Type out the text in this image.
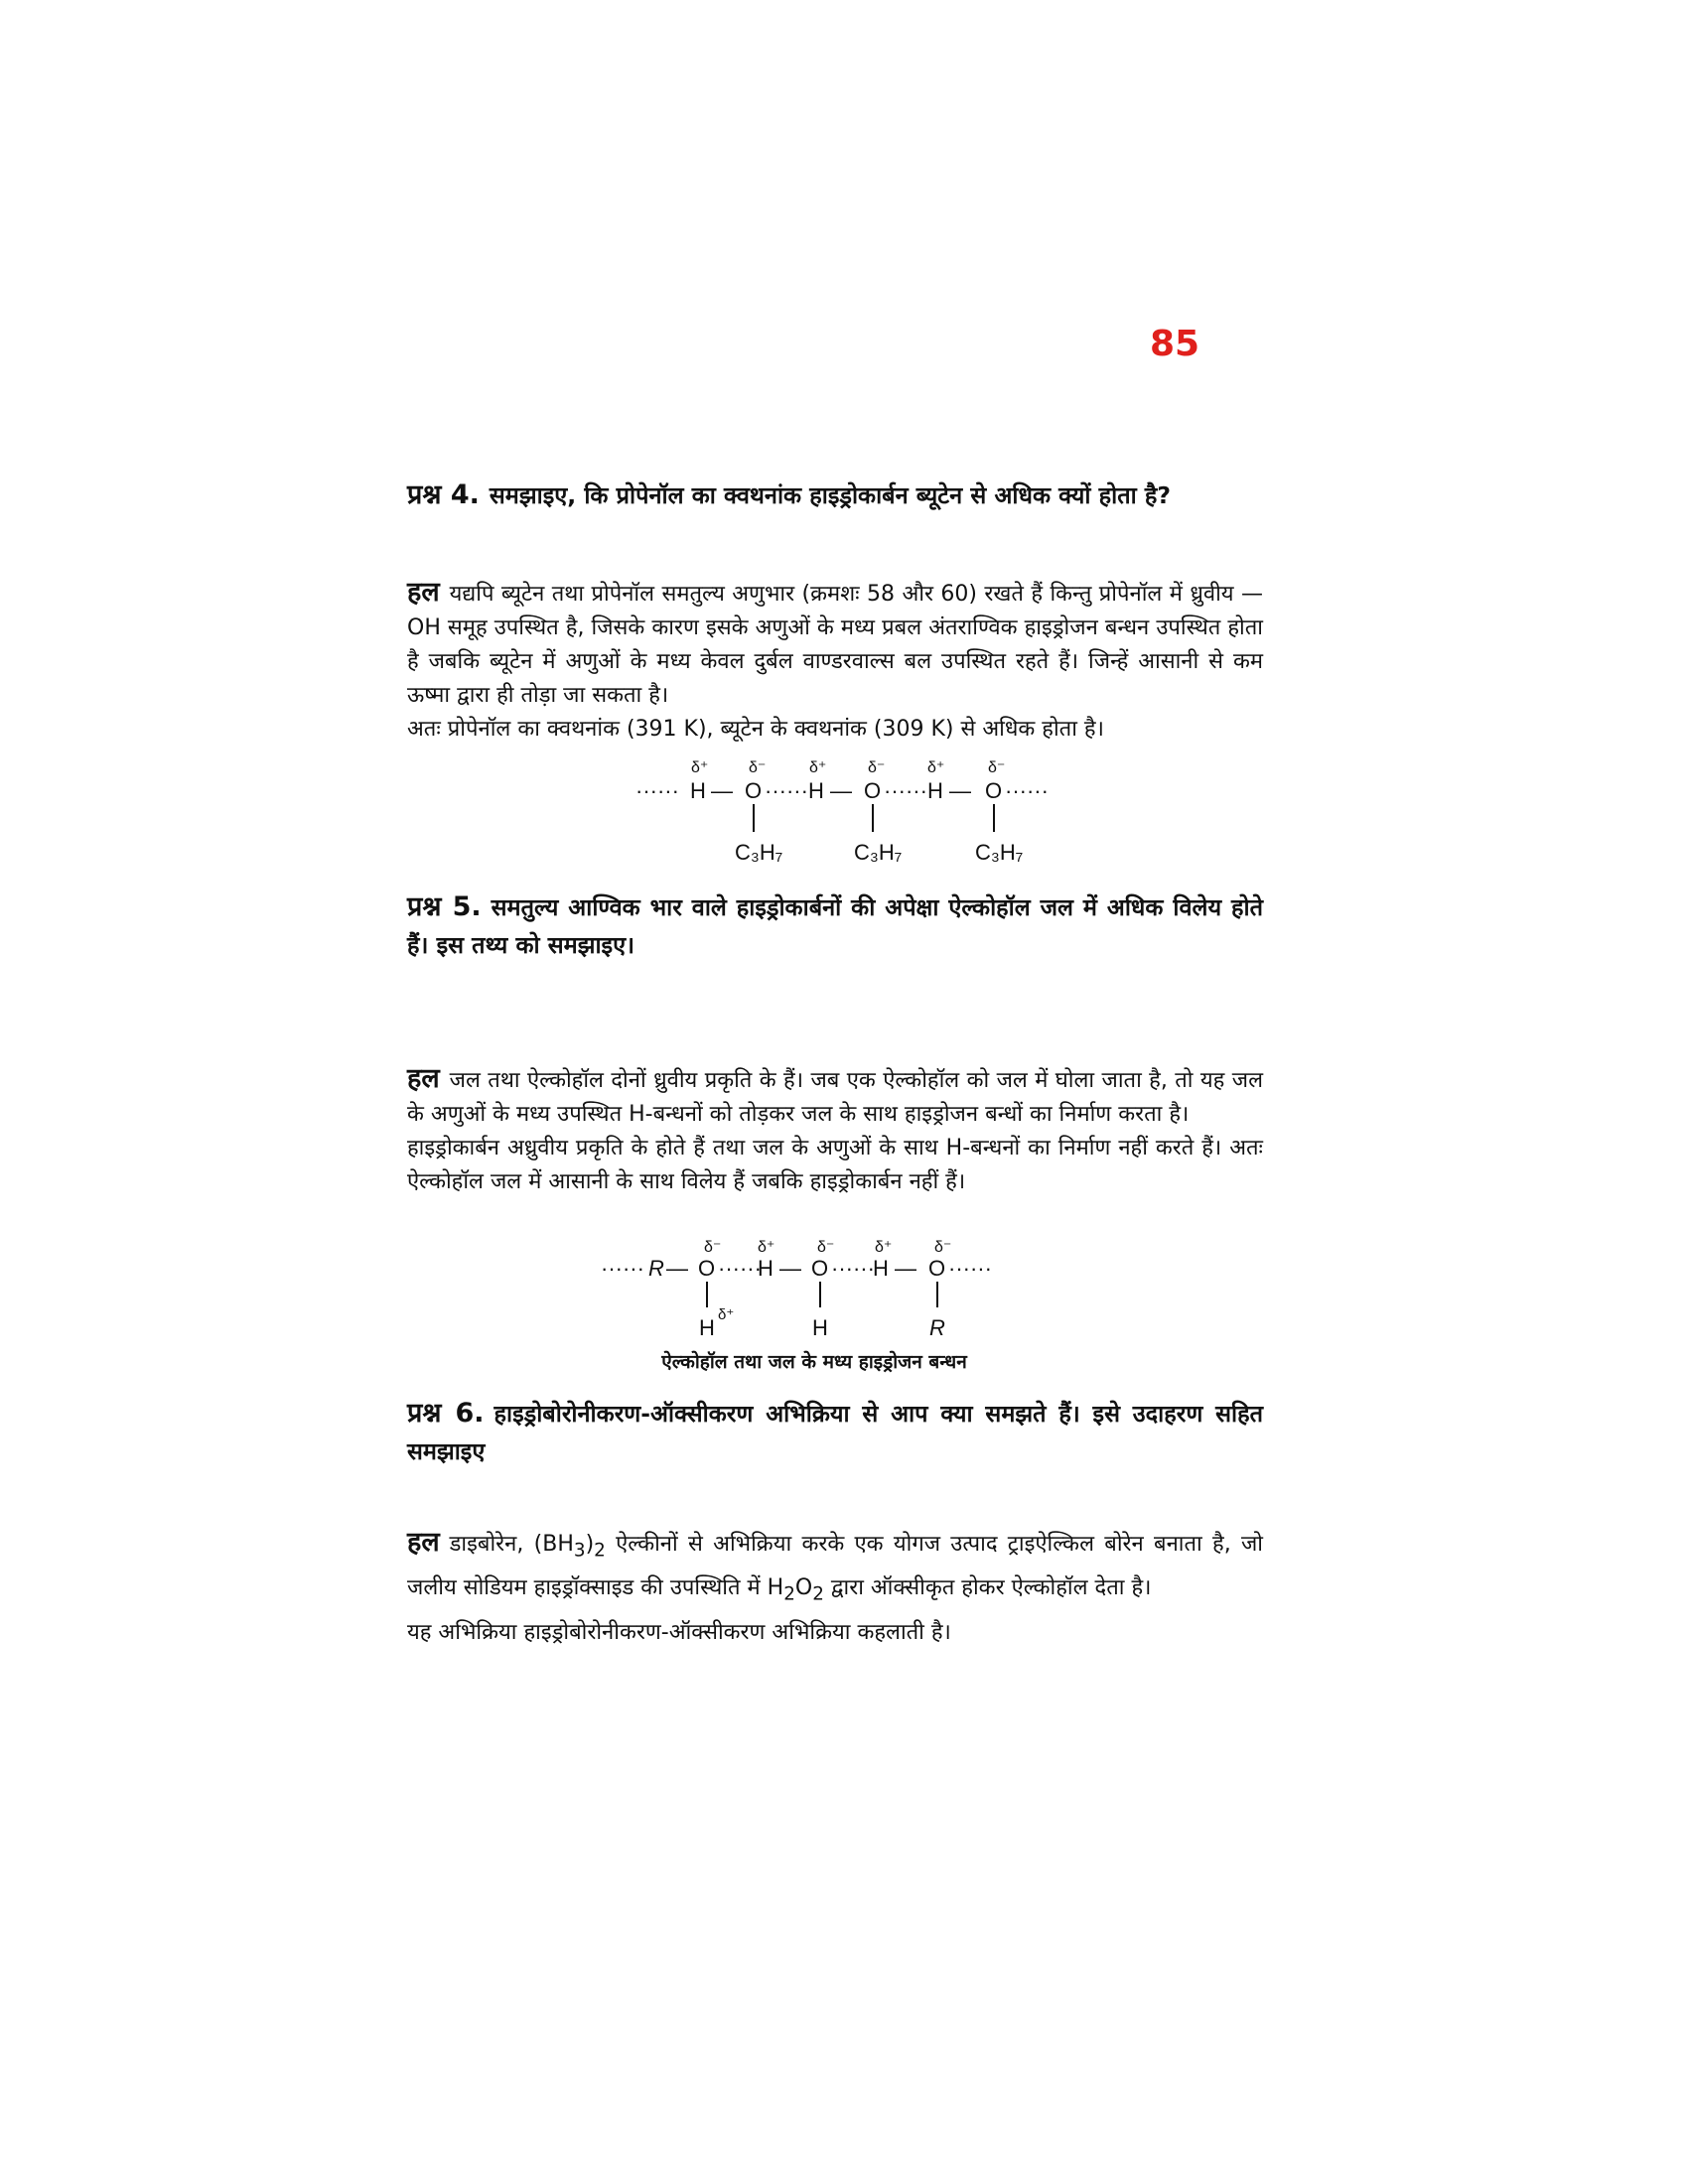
85
प्रश्न 4. समझाइए, कि प्रोपेनॉल का क्वथनांक हाइड्रोकार्बन ब्यूटेन से अधिक क्यों होता है?

हल यद्यपि ब्यूटेन तथा प्रोपेनॉल समतुल्य अणुभार (क्रमशः 58 और 60) रखते हैं किन्तु प्रोपेनॉल में ध्रुवीय —OH समूह उपस्थित है, जिसके कारण इसके अणुओं के मध्य प्रबल अंतराण्विक हाइड्रोजन बन्धन उपस्थित होता है जबकि ब्यूटेन में अणुओं के मध्य केवल दुर्बल वाण्डरवाल्स बल उपस्थित रहते हैं। जिन्हें आसानी से कम ऊष्मा द्वारा ही तोड़ा जा सकता है।

अतः प्रोपेनॉल का क्वथनांक (391 K), ब्यूटेन के क्वथनांक (309 K) से अधिक होता है।

δ⁺	δ⁻	δ⁺	δ⁻	δ⁺	δ⁻
······ H — O ······ H — O ······ H — O ······
C₃H₇	C₃H₇	C₃H₇
प्रश्न 5. समतुल्य आण्विक भार वाले हाइड्रोकार्बनों की अपेक्षा ऐल्कोहॉल जल में अधिक विलेय होते हैं। इस तथ्य को समझाइए।

हल जल तथा ऐल्कोहॉल दोनों ध्रुवीय प्रकृति के हैं। जब एक ऐल्कोहॉल को जल में घोला जाता है, तो यह जल के अणुओं के मध्य उपस्थित H-बन्धनों को तोड़कर जल के साथ हाइड्रोजन बन्धों का निर्माण करता है।

हाइड्रोकार्बन अध्रुवीय प्रकृति के होते हैं तथा जल के अणुओं के साथ H-बन्धनों का निर्माण नहीं करते हैं। अतः ऐल्कोहॉल जल में आसानी के साथ विलेय हैं जबकि हाइड्रोकार्बन नहीं हैं।

δ⁻ δ⁺	δ⁻	δ⁺	δ⁻
······ R — O ······
H — O ······
H — O ······
δ⁺
H	H	R
ऐल्कोहॉल तथा जल के मध्य हाइड्रोजन बन्धन
प्रश्न 6. हाइड्रोबोरोनीकरण-ऑक्सीकरण अभिक्रिया से आप क्या समझते हैं। इसे उदाहरण सहित समझाइए

हल डाइबोरेन, $(BH_3)_2$ ऐल्कीनों से अभिक्रिया करके एक योगज उत्पाद ट्राइऐल्किल बोरेन बनाता है, जो जलीय सोडियम हाइड्रॉक्साइड की उपस्थिति में $H_2O_2$ द्वारा ऑक्सीकृत होकर ऐल्कोहॉल देता है।

यह अभिक्रिया हाइड्रोबोरोनीकरण-ऑक्सीकरण अभिक्रिया कहलाती है।
